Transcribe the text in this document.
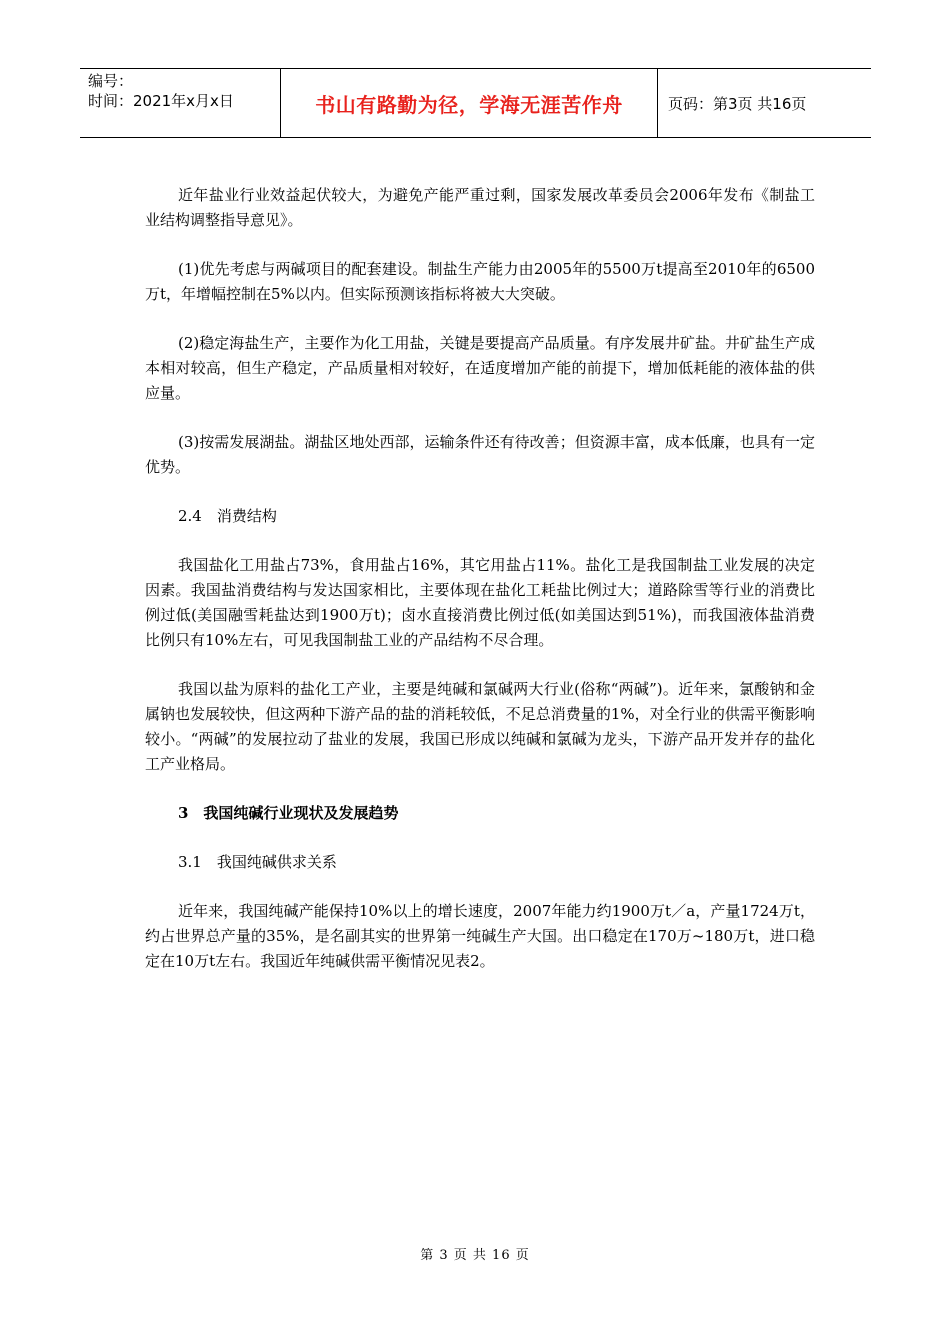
编号：
时间：2021年x月x日	书山有路勤为径，学海无涯苦作舟	页码：第3页 共16页

近年盐业行业效益起伏较大，为避免产能严重过剩，国家发展改革委员会2006年发布《制盐工业结构调整指导意见》。

(1)优先考虑与两碱项目的配套建设。制盐生产能力由2005年的5500万t提高至2010年的6500万t，年增幅控制在5%以内。但实际预测该指标将被大大突破。

(2)稳定海盐生产，主要作为化工用盐，关键是要提高产品质量。有序发展井矿盐。井矿盐生产成本相对较高，但生产稳定，产品质量相对较好，在适度增加产能的前提下，增加低耗能的液体盐的供应量。

(3)按需发展湖盐。湖盐区地处西部，运输条件还有待改善；但资源丰富，成本低廉，也具有一定优势。

2.4　消费结构

我国盐化工用盐占73%，食用盐占16%，其它用盐占11%。盐化工是我国制盐工业发展的决定因素。我国盐消费结构与发达国家相比，主要体现在盐化工耗盐比例过大；道路除雪等行业的消费比例过低(美国融雪耗盐达到1900万t)；卤水直接消费比例过低(如美国达到51%)，而我国液体盐消费比例只有10%左右，可见我国制盐工业的产品结构不尽合理。

我国以盐为原料的盐化工产业，主要是纯碱和氯碱两大行业(俗称“两碱”)。近年来，氯酸钠和金属钠也发展较快，但这两种下游产品的盐的消耗较低，不足总消费量的1%，对全行业的供需平衡影响较小。“两碱”的发展拉动了盐业的发展，我国已形成以纯碱和氯碱为龙头，下游产品开发并存的盐化工产业格局。

3　我国纯碱行业现状及发展趋势

3.1　我国纯碱供求关系

近年来，我国纯碱产能保持10%以上的增长速度，2007年能力约1900万t／a，产量1724万t，约占世界总产量的35%，是名副其实的世界第一纯碱生产大国。出口稳定在170万~180万t，进口稳定在10万t左右。我国近年纯碱供需平衡情况见表2。

第 3 页 共 16 页
